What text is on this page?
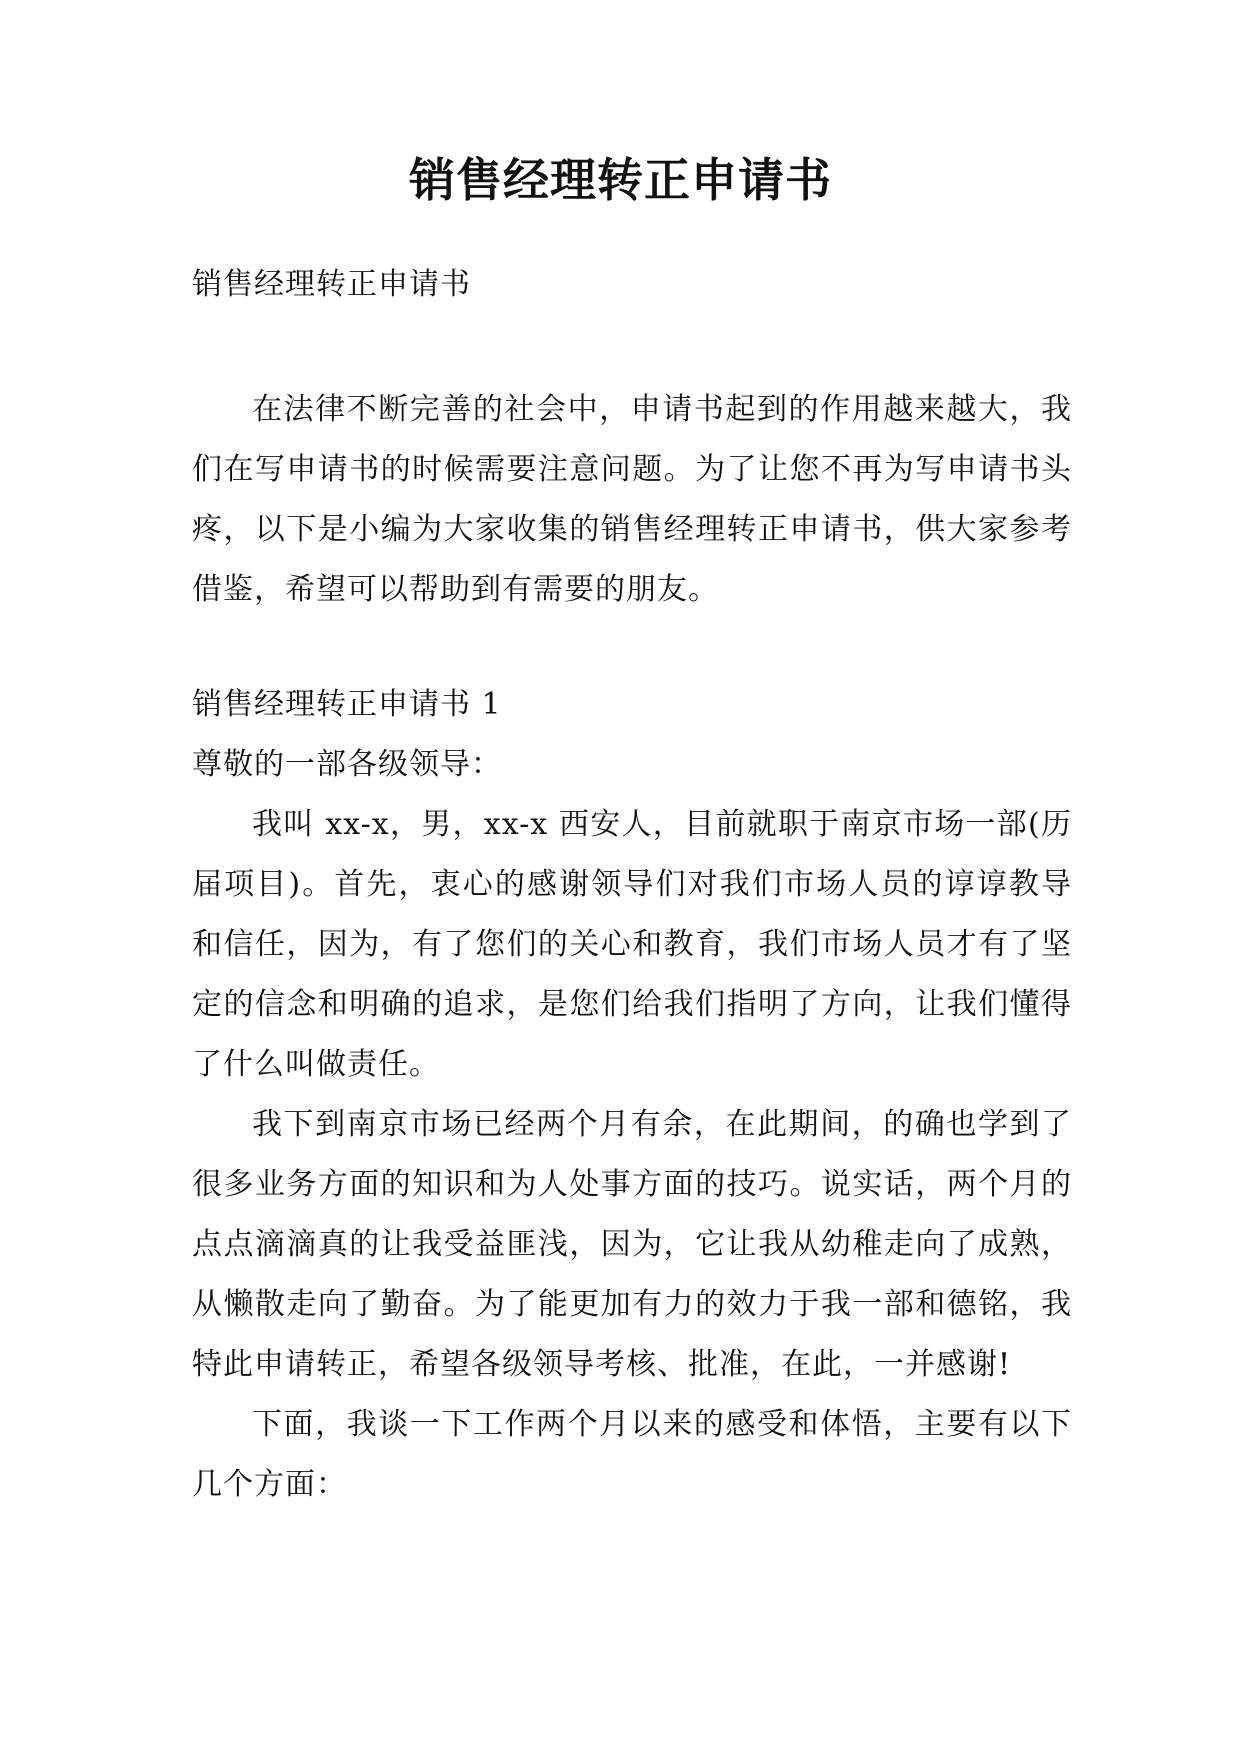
销售经理转正申请书

销售经理转正申请书

在法律不断完善的社会中，申请书起到的作用越来越大，我们在写申请书的时候需要注意问题。为了让您不再为写申请书头疼，以下是小编为大家收集的销售经理转正申请书，供大家参考借鉴，希望可以帮助到有需要的朋友。

销售经理转正申请书 1

尊敬的一部各级领导：

我叫 xx-x，男，xx-x 西安人，目前就职于南京市场一部(历届项目)。首先，衷心的感谢领导们对我们市场人员的谆谆教导和信任，因为，有了您们的关心和教育，我们市场人员才有了坚定的信念和明确的追求，是您们给我们指明了方向，让我们懂得了什么叫做责任。

我下到南京市场已经两个月有余，在此期间，的确也学到了很多业务方面的知识和为人处事方面的技巧。说实话，两个月的点点滴滴真的让我受益匪浅，因为，它让我从幼稚走向了成熟，从懒散走向了勤奋。为了能更加有力的效力于我一部和德铭，我特此申请转正，希望各级领导考核、批准，在此，一并感谢!

下面，我谈一下工作两个月以来的感受和体悟，主要有以下几个方面：
